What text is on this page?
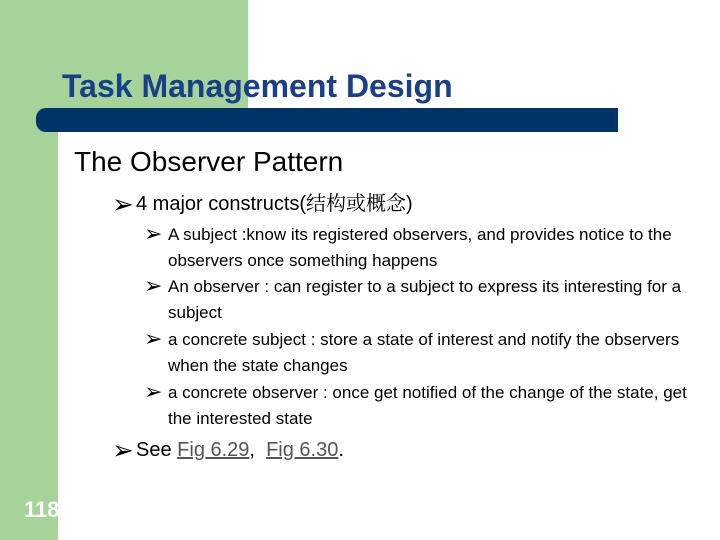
Task Management Design
The Observer Pattern
➢ 4 major constructs(结构或概念)
➢ A subject :know its registered observers, and provides notice to the observers once something happens
➢ An observer : can register to a subject to express its interesting for a subject
➢ a concrete subject : store a state of interest and notify the observers when the state changes
➢ a concrete observer : once get notified of the change of the state, get the interested state
➢ See Fig 6.29,  Fig 6.30.
118
